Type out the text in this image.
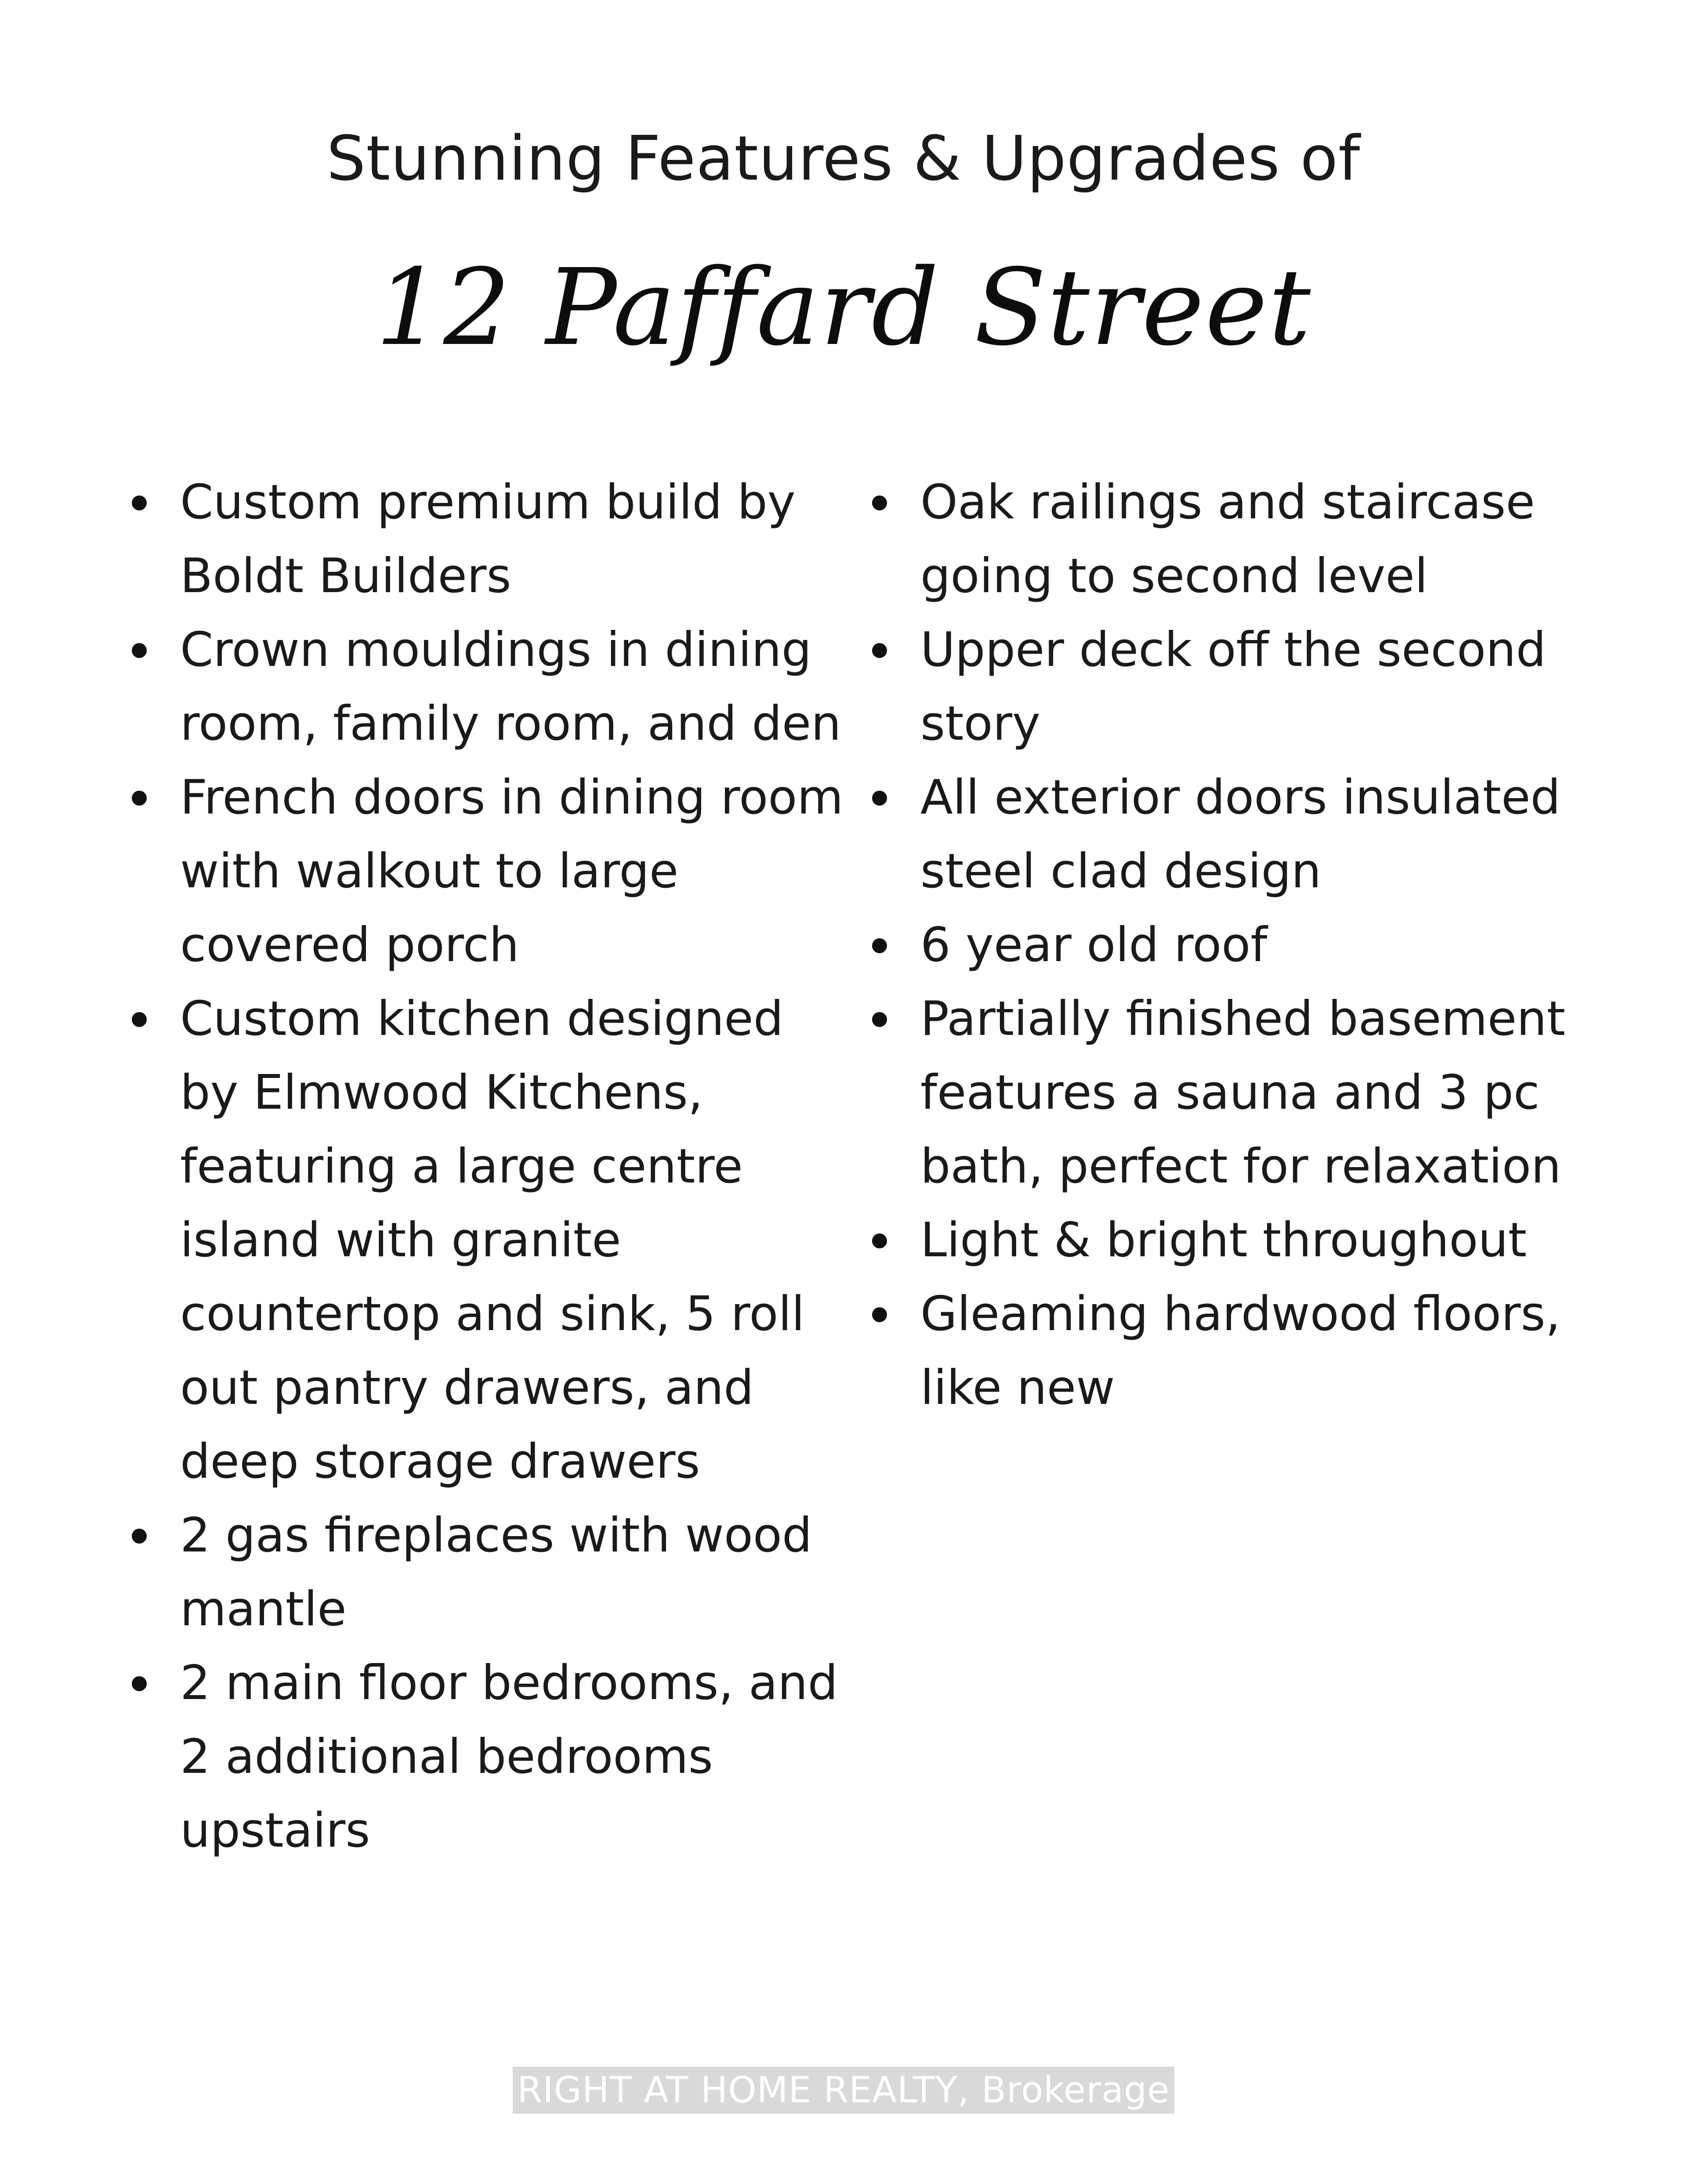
Stunning Features & Upgrades of
12 Paffard Street
Custom premium build by Boldt Builders
Crown mouldings in dining room, family room, and den
French doors in dining room with walkout to large covered porch
Custom kitchen designed by Elmwood Kitchens, featuring a large centre island with granite countertop and sink, 5 roll out pantry drawers, and deep storage drawers
2 gas fireplaces with wood mantle
2 main floor bedrooms, and 2 additional bedrooms upstairs
Oak railings and staircase going to second level
Upper deck off the second story
All exterior doors insulated steel clad design
6 year old roof
Partially finished basement features a sauna and 3 pc bath, perfect for relaxation
Light & bright throughout
Gleaming hardwood floors, like new
RIGHT AT HOME REALTY, Brokerage
